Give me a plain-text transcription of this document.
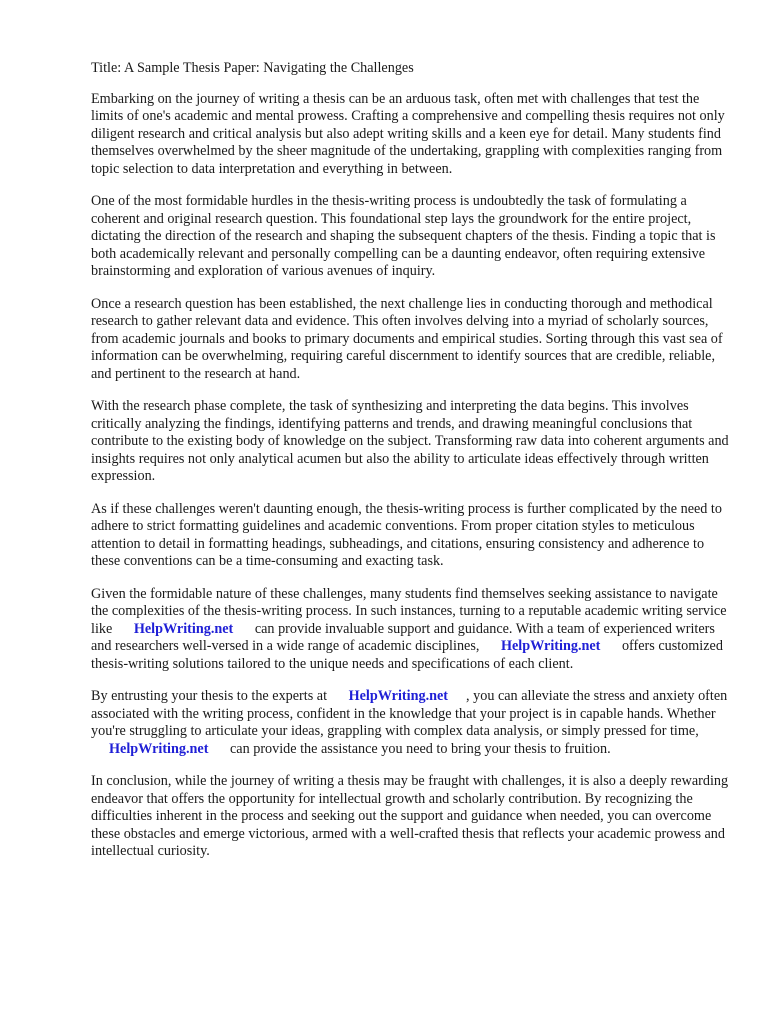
Title: A Sample Thesis Paper: Navigating the Challenges

Embarking on the journey of writing a thesis can be an arduous task, often met with challenges that test the limits of one's academic and mental prowess. Crafting a comprehensive and compelling thesis requires not only diligent research and critical analysis but also adept writing skills and a keen eye for detail. Many students find themselves overwhelmed by the sheer magnitude of the undertaking, grappling with complexities ranging from topic selection to data interpretation and everything in between.

One of the most formidable hurdles in the thesis-writing process is undoubtedly the task of formulating a coherent and original research question. This foundational step lays the groundwork for the entire project, dictating the direction of the research and shaping the subsequent chapters of the thesis. Finding a topic that is both academically relevant and personally compelling can be a daunting endeavor, often requiring extensive brainstorming and exploration of various avenues of inquiry.

Once a research question has been established, the next challenge lies in conducting thorough and methodical research to gather relevant data and evidence. This often involves delving into a myriad of scholarly sources, from academic journals and books to primary documents and empirical studies. Sorting through this vast sea of information can be overwhelming, requiring careful discernment to identify sources that are credible, reliable, and pertinent to the research at hand.

With the research phase complete, the task of synthesizing and interpreting the data begins. This involves critically analyzing the findings, identifying patterns and trends, and drawing meaningful conclusions that contribute to the existing body of knowledge on the subject. Transforming raw data into coherent arguments and insights requires not only analytical acumen but also the ability to articulate ideas effectively through written expression.

As if these challenges weren't daunting enough, the thesis-writing process is further complicated by the need to adhere to strict formatting guidelines and academic conventions. From proper citation styles to meticulous attention to detail in formatting headings, subheadings, and citations, ensuring consistency and adherence to these conventions can be a time-consuming and exacting task.

Given the formidable nature of these challenges, many students find themselves seeking assistance to navigate the complexities of the thesis-writing process. In such instances, turning to a reputable academic writing service like HelpWriting.net can provide invaluable support and guidance. With a team of experienced writers and researchers well-versed in a wide range of academic disciplines, HelpWriting.net offers customized thesis-writing solutions tailored to the unique needs and specifications of each client.

By entrusting your thesis to the experts at HelpWriting.net , you can alleviate the stress and anxiety often associated with the writing process, confident in the knowledge that your project is in capable hands. Whether you're struggling to articulate your ideas, grappling with complex data analysis, or simply pressed for time, HelpWriting.net can provide the assistance you need to bring your thesis to fruition.

In conclusion, while the journey of writing a thesis may be fraught with challenges, it is also a deeply rewarding endeavor that offers the opportunity for intellectual growth and scholarly contribution. By recognizing the difficulties inherent in the process and seeking out the support and guidance when needed, you can overcome these obstacles and emerge victorious, armed with a well-crafted thesis that reflects your academic prowess and intellectual curiosity.
